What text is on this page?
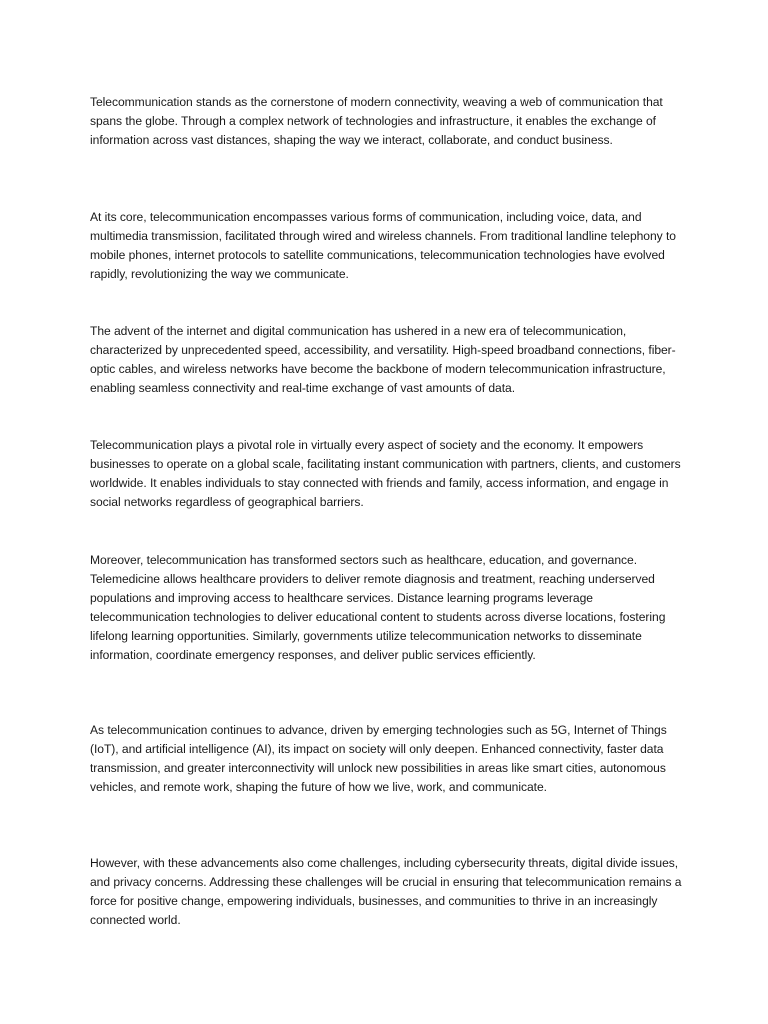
Telecommunication stands as the cornerstone of modern connectivity, weaving a web of communication that spans the globe. Through a complex network of technologies and infrastructure, it enables the exchange of information across vast distances, shaping the way we interact, collaborate, and conduct business.

At its core, telecommunication encompasses various forms of communication, including voice, data, and multimedia transmission, facilitated through wired and wireless channels. From traditional landline telephony to mobile phones, internet protocols to satellite communications, telecommunication technologies have evolved rapidly, revolutionizing the way we communicate.

The advent of the internet and digital communication has ushered in a new era of telecommunication, characterized by unprecedented speed, accessibility, and versatility. High-speed broadband connections, fiber-optic cables, and wireless networks have become the backbone of modern telecommunication infrastructure, enabling seamless connectivity and real-time exchange of vast amounts of data.

Telecommunication plays a pivotal role in virtually every aspect of society and the economy. It empowers businesses to operate on a global scale, facilitating instant communication with partners, clients, and customers worldwide. It enables individuals to stay connected with friends and family, access information, and engage in social networks regardless of geographical barriers.

Moreover, telecommunication has transformed sectors such as healthcare, education, and governance. Telemedicine allows healthcare providers to deliver remote diagnosis and treatment, reaching underserved populations and improving access to healthcare services. Distance learning programs leverage telecommunication technologies to deliver educational content to students across diverse locations, fostering lifelong learning opportunities. Similarly, governments utilize telecommunication networks to disseminate information, coordinate emergency responses, and deliver public services efficiently.

As telecommunication continues to advance, driven by emerging technologies such as 5G, Internet of Things (IoT), and artificial intelligence (AI), its impact on society will only deepen. Enhanced connectivity, faster data transmission, and greater interconnectivity will unlock new possibilities in areas like smart cities, autonomous vehicles, and remote work, shaping the future of how we live, work, and communicate.

However, with these advancements also come challenges, including cybersecurity threats, digital divide issues, and privacy concerns. Addressing these challenges will be crucial in ensuring that telecommunication remains a force for positive change, empowering individuals, businesses, and communities to thrive in an increasingly connected world.
